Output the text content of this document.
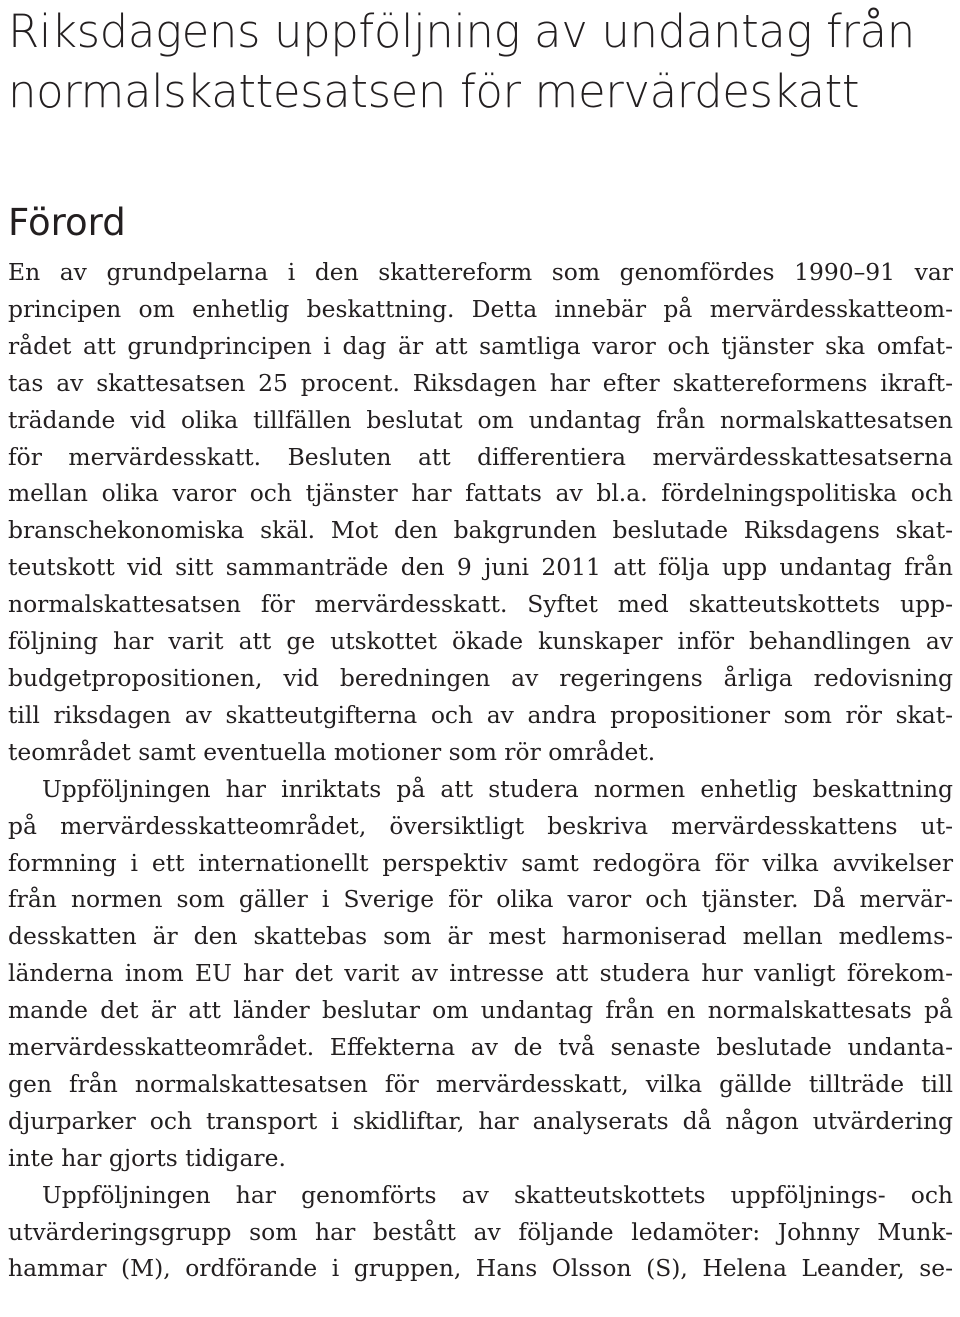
Riksdagens uppföljning av undantag från
normalskattesatsen för mervärdeskatt
Förord
En av grundpelarna i den skattereform som genomfördes 1990–91 var
principen om enhetlig beskattning. Detta innebär på mervärdesskatteom-
rådet att grundprincipen i dag är att samtliga varor och tjänster ska omfat-
tas av skattesatsen 25 procent. Riksdagen har efter skattereformens ikraft-
trädande vid olika tillfällen beslutat om undantag från normalskattesatsen
för mervärdesskatt. Besluten att differentiera mervärdesskattesatserna
mellan olika varor och tjänster har fattats av bl.a. fördelningspolitiska och
branschekonomiska skäl. Mot den bakgrunden beslutade Riksdagens skat-
teutskott vid sitt sammanträde den 9 juni 2011 att följa upp undantag från
normalskattesatsen för mervärdesskatt. Syftet med skatteutskottets upp-
följning har varit att ge utskottet ökade kunskaper inför behandlingen av
budgetpropositionen, vid beredningen av regeringens årliga redovisning
till riksdagen av skatteutgifterna och av andra propositioner som rör skat-
teområdet samt eventuella motioner som rör området.
Uppföljningen har inriktats på att studera normen enhetlig beskattning
på mervärdesskatteområdet, översiktligt beskriva mervärdesskattens ut-
formning i ett internationellt perspektiv samt redogöra för vilka avvikelser
från normen som gäller i Sverige för olika varor och tjänster. Då mervär-
desskatten är den skattebas som är mest harmoniserad mellan medlems-
länderna inom EU har det varit av intresse att studera hur vanligt förekom-
mande det är att länder beslutar om undantag från en normalskattesats på
mervärdesskatteområdet. Effekterna av de två senaste beslutade undanta-
gen från normalskattesatsen för mervärdesskatt, vilka gällde tillträde till
djurparker och transport i skidliftar, har analyserats då någon utvärdering
inte har gjorts tidigare.
Uppföljningen har genomförts av skatteutskottets uppföljnings- och
utvärderingsgrupp som har bestått av följande ledamöter: Johnny Munk-
hammar (M), ordförande i gruppen, Hans Olsson (S), Helena Leander, se-
